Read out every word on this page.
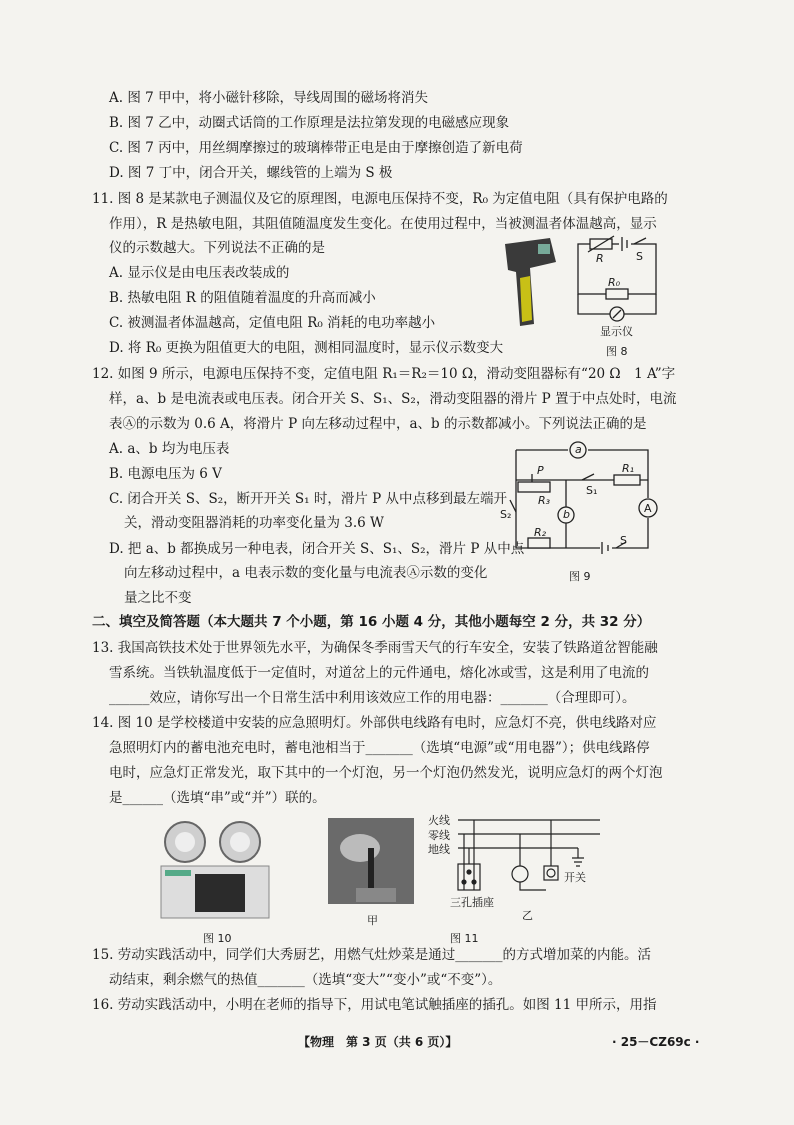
A. 图 7 甲中，将小磁针移除，导线周围的磁场将消失
B. 图 7 乙中，动圈式话筒的工作原理是法拉第发现的电磁感应现象
C. 图 7 丙中，用丝绸摩擦过的玻璃棒带正电是由于摩擦创造了新电荷
D. 图 7 丁中，闭合开关，螺线管的上端为 S 极
11. 图 8 是某款电子测温仪及它的原理图，电源电压保持不变，R₀ 为定值电阻（具有保护电路的
作用），R 是热敏电阻，其阻值随温度发生变化。在使用过程中，当被测温者体温越高，显示
仪的示数越大。下列说法不正确的是
A. 显示仪是由电压表改装成的
B. 热敏电阻 R 的阻值随着温度的升高而减小
C. 被测温者体温越高，定值电阻 R₀ 消耗的电功率越小
D. 将 R₀ 更换为阻值更大的电阻，测相同温度时，显示仪示数变大
12. 如图 9 所示，电源电压保持不变，定值电阻 R₁＝R₂＝10 Ω，滑动变阻器标有“20 Ω　1 A”字
样，a、b 是电流表或电压表。闭合开关 S、S₁、S₂，滑动变阻器的滑片 P 置于中点处时，电流
表Ⓐ的示数为 0.6 A，将滑片 P 向左移动过程中，a、b 的示数都减小。下列说法正确的是
A. a、b 均为电压表
B. 电源电压为 6 V
C. 闭合开关 S、S₂，断开开关 S₁ 时，滑片 P 从中点移到最左端开
关，滑动变阻器消耗的功率变化量为 3.6 W
D. 把 a、b 都换成另一种电表，闭合开关 S、S₁、S₂，滑片 P 从中点
向左移动过程中，a 电表示数的变化量与电流表Ⓐ示数的变化
量之比不变
二、填空及简答题（本大题共 7 个小题，第 16 小题 4 分，其他小题每空 2 分，共 32 分）
13. 我国高铁技术处于世界领先水平，为确保冬季雨雪天气的行车安全，安装了铁路道岔智能融
雪系统。当铁轨温度低于一定值时，对道岔上的元件通电，熔化冰或雪，这是利用了电流的
______效应，请你写出一个日常生活中利用该效应工作的用电器：_______（合理即可）。
14. 图 10 是学校楼道中安装的应急照明灯。外部供电线路有电时，应急灯不亮，供电线路对应
急照明灯内的蓄电池充电时，蓄电池相当于_______（选填“电源”或“用电器”）；供电线路停
电时，应急灯正常发光，取下其中的一个灯泡，另一个灯泡仍然发光，说明应急灯的两个灯泡
是______（选填“串”或“并”）联的。
15. 劳动实践活动中，同学们大秀厨艺，用燃气灶炒菜是通过_______的方式增加菜的内能。活
动结束，剩余燃气的热值_______（选填“变大”“变小”或“不变”）。
16. 劳动实践活动中，小明在老师的指导下，用试电笔试触插座的插孔。如图 11 甲所示，用指
R	S
R₀
显示仪
图 8
a
P
R₃
S₁
R₁
A
b
S₂
R₂
S
图 9
图 10
甲
火线
零线
地线
三孔插座
开关
乙
图 11
【物理　第 3 页（共 6 页）】	· 25－CZ69c ·
